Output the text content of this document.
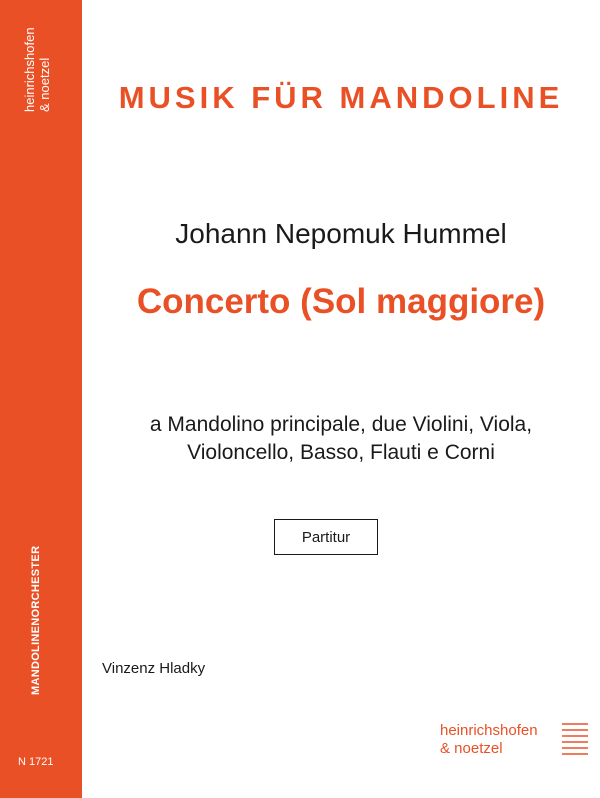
heinrichshofen & noetzel
MANDOLINENORCHESTER
N 1721
MUSIK FÜR MANDOLINE
Johann Nepomuk Hummel
Concerto (Sol maggiore)
a Mandolino principale, due Violini, Viola,
Violoncello, Basso, Flauti e Corni
Partitur
Vinzenz Hladky
heinrichshofen
& noetzel
